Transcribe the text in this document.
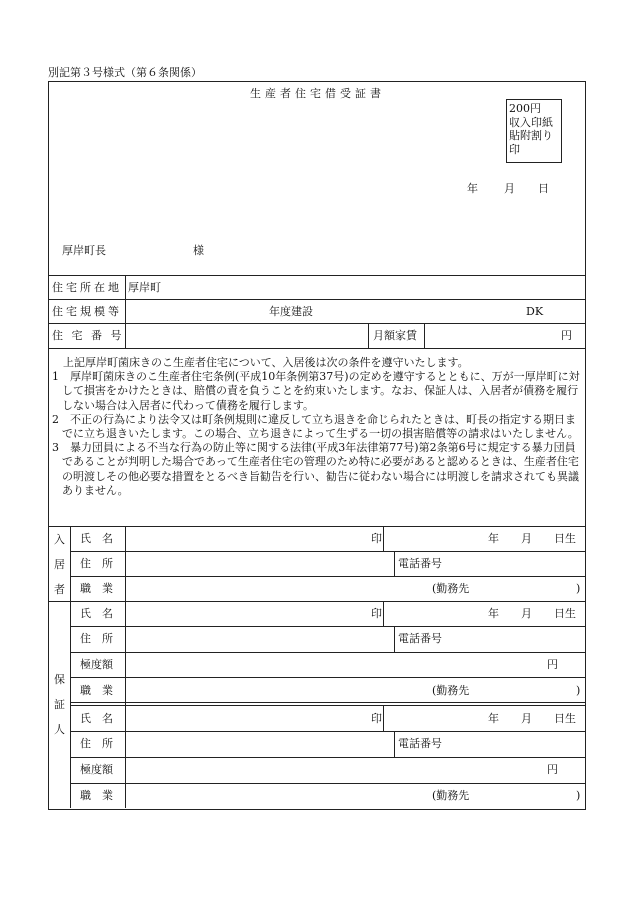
別記第３号様式（第６条関係）
生産者住宅借受証書
200円
収入印紙
貼附割り
印
年 月 日
厚岸町長	様
住宅所在地 厚岸町
住宅規模等	年度建設	DK
住宅番号	月額家賃	円

上記厚岸町菌床きのこ生産者住宅について、入居後は次の条件を遵守いたします。

1　厚岸町菌床きのこ生産者住宅条例(平成10年条例第37号)の定めを遵守するとともに、万が一厚岸町に対して損害をかけたときは、賠償の責を負うことを約束いたします。なお、保証人は、入居者が債務を履行しない場合は入居者に代わって債務を履行します。

2　不正の行為により法令又は町条例規則に違反して立ち退きを命じられたときは、町長の指定する期日までに立ち退きいたします。この場合、立ち退きによって生ずる一切の損害賠償等の請求はいたしません。

3　暴力団員による不当な行為の防止等に関する法律(平成3年法律第77号)第2条第6号に規定する暴力団員であることが判明した場合であって生産者住宅の管理のため特に必要があると認めるときは、生産者住宅の明渡しその他必要な措置をとるべき旨勧告を行い、勧告に従わない場合には明渡しを請求されても異議ありません。

入
居
者
氏　名	印	年　　月　　日生
住　所	電話番号
職　業	(勤務先	)
保
証
人
氏　名	印	年　　月　　日生
住　所	電話番号
極度額	円
職　業	(勤務先	)
氏　名	印	年　　月　　日生
住　所	電話番号
極度額	円
職　業	(勤務先	)
